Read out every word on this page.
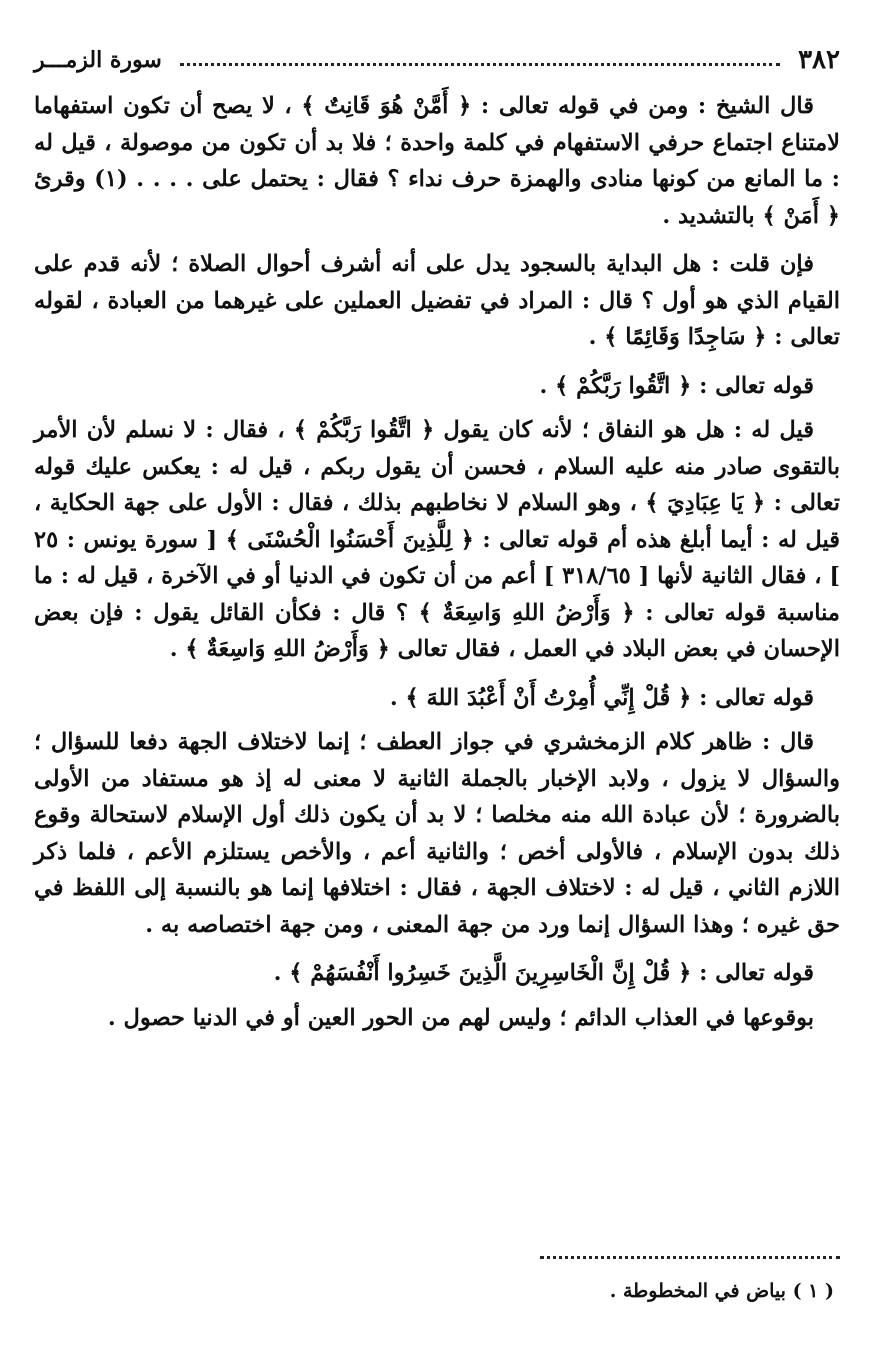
٣٨٢
سورة الزمـــر

قال الشيخ : ومن في قوله تعالى : ﴿ أَمَّنْ هُوَ قَانِتٌ ﴾ ، لا يصح أن تكون استفهاما لامتناع اجتماع حرفي الاستفهام في كلمة واحدة ؛ فلا بد أن تكون من موصولة ، قيل له : ما المانع من كونها منادى والهمزة حرف نداء ؟ فقال : يحتمل على . . . . (١) وقرئ ﴿ أَمَنْ ﴾ بالتشديد .

فإن قلت : هل البداية بالسجود يدل على أنه أشرف أحوال الصلاة ؛ لأنه قدم على القيام الذي هو أول ؟ قال : المراد في تفضيل العملين على غيرهما من العبادة ، لقوله تعالى : ﴿ سَاجِدًا وَقَائِمًا ﴾ .

قوله تعالى : ﴿ اتَّقُوا رَبَّكُمْ ﴾ .

قيل له : هل هو النفاق ؛ لأنه كان يقول ﴿ اتَّقُوا رَبَّكُمْ ﴾ ، فقال : لا نسلم لأن الأمر بالتقوى صادر منه عليه السلام ، فحسن أن يقول ربكم ، قيل له : يعكس عليك قوله تعالى : ﴿ يَا عِبَادِيَ ﴾ ، وهو السلام لا نخاطبهم بذلك ، فقال : الأول على جهة الحكاية ، قيل له : أيما أبلغ هذه أم قوله تعالى : ﴿ لِلَّذِينَ أَحْسَنُوا الْحُسْنَى ﴾ [ سورة يونس : ٢٥ ] ، فقال الثانية لأنها [ ٣١٨/٦٥ ] أعم من أن تكون في الدنيا أو في الآخرة ، قيل له : ما مناسبة قوله تعالى : ﴿ وَأَرْضُ اللهِ وَاسِعَةٌ ﴾ ؟ قال : فكأن القائل يقول : فإن بعض الإحسان في بعض البلاد في العمل ، فقال تعالى ﴿ وَأَرْضُ اللهِ وَاسِعَةٌ ﴾ .

قوله تعالى : ﴿ قُلْ إِنِّي أُمِرْتُ أَنْ أَعْبُدَ اللهَ ﴾ .

قال : ظاهر كلام الزمخشري في جواز العطف ؛ إنما لاختلاف الجهة دفعا للسؤال ؛ والسؤال لا يزول ، ولابد الإخبار بالجملة الثانية لا معنى له إذ هو مستفاد من الأولى بالضرورة ؛ لأن عبادة الله منه مخلصا ؛ لا بد أن يكون ذلك أول الإسلام لاستحالة وقوع ذلك بدون الإسلام ، فالأولى أخص ؛ والثانية أعم ، والأخص يستلزم الأعم ، فلما ذكر اللازم الثاني ، قيل له : لاختلاف الجهة ، فقال : اختلافها إنما هو بالنسبة إلى اللفظ في حق غيره ؛ وهذا السؤال إنما ورد من جهة المعنى ، ومن جهة اختصاصه به .

قوله تعالى : ﴿ قُلْ إِنَّ الْخَاسِرِينَ الَّذِينَ خَسِرُوا أَنْفُسَهُمْ ﴾ .

بوقوعها في العذاب الدائم ؛ وليس لهم من الحور العين أو في الدنيا حصول .

( ١ ) بياض في المخطوطة .
